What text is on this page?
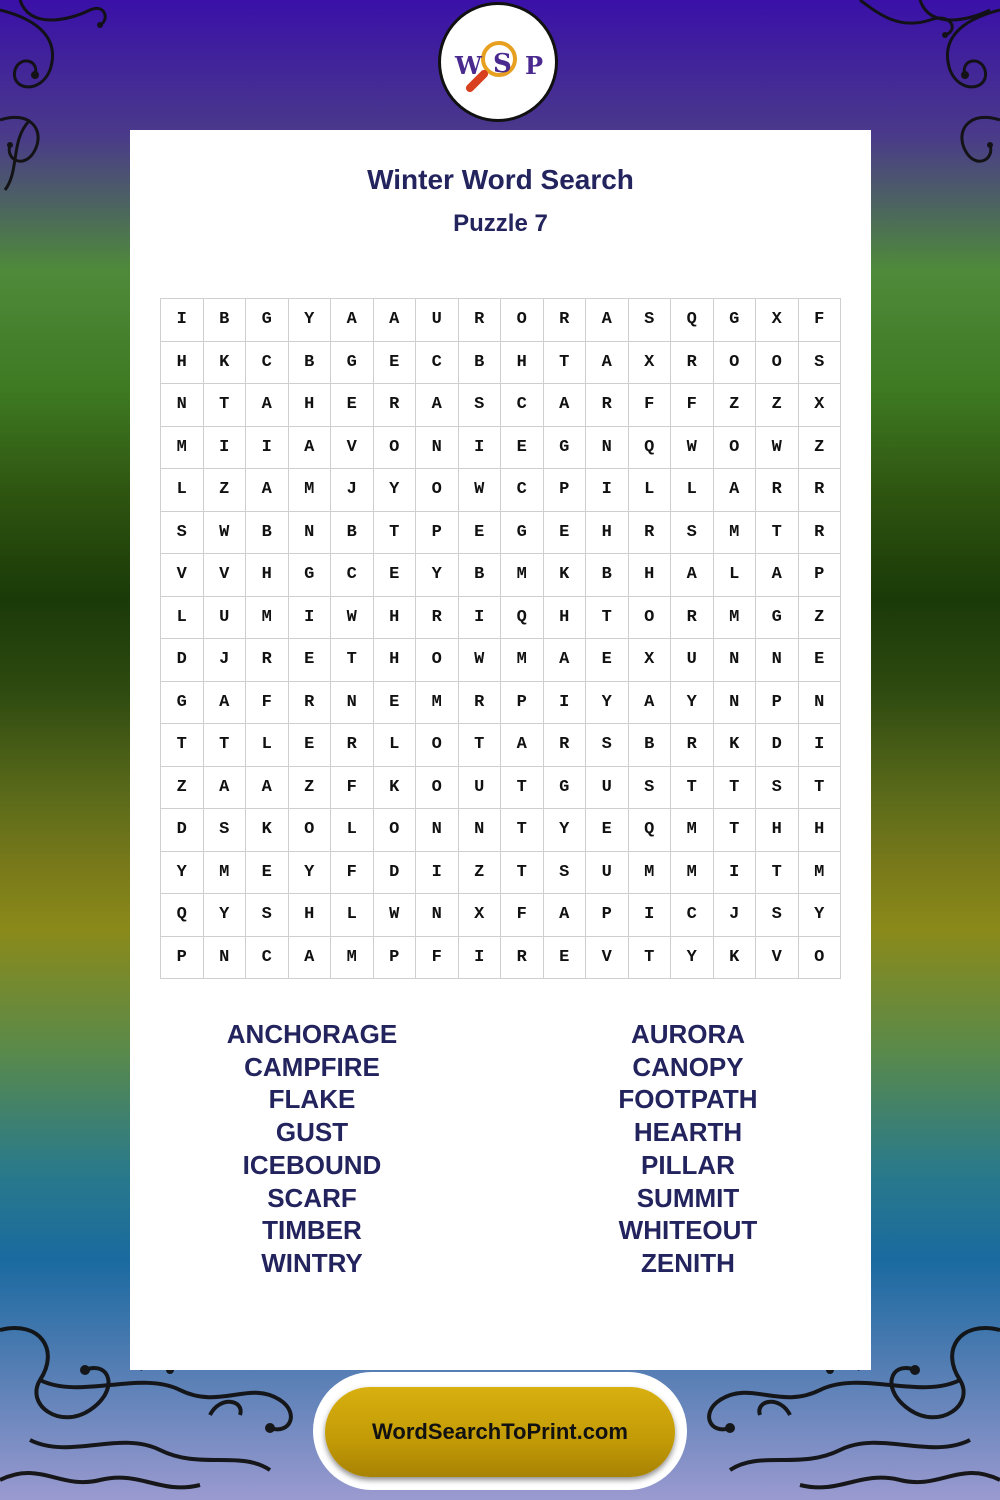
W S P
Winter Word Search
Puzzle 7
I	B	G	Y	A	A	U	R	O	R	A	S	Q	G	X	F
H	K	C	B	G	E	C	B	H	T	A	X	R	O	O	S
N	T	A	H	E	R	A	S	C	A	R	F	F	Z	Z	X
M	I	I	A	V	O	N	I	E	G	N	Q	W	O	W	Z
L	Z	A	M	J	Y	O	W	C	P	I	L	L	A	R	R
S	W	B	N	B	T	P	E	G	E	H	R	S	M	T	R
V	V	H	G	C	E	Y	B	M	K	B	H	A	L	A	P
L	U	M	I	W	H	R	I	Q	H	T	O	R	M	G	Z
D	J	R	E	T	H	O	W	M	A	E	X	U	N	N	E
G	A	F	R	N	E	M	R	P	I	Y	A	Y	N	P	N
T	T	L	E	R	L	O	T	A	R	S	B	R	K	D	I
Z	A	A	Z	F	K	O	U	T	G	U	S	T	T	S	T
D	S	K	O	L	O	N	N	T	Y	E	Q	M	T	H	H
Y	M	E	Y	F	D	I	Z	T	S	U	M	M	I	T	M
Q	Y	S	H	L	W	N	X	F	A	P	I	C	J	S	Y
P	N	C	A	M	P	F	I	R	E	V	T	Y	K	V	O
ANCHORAGE
CAMPFIRE
FLAKE
GUST
ICEBOUND
SCARF
TIMBER
WINTRY
AURORA
CANOPY
FOOTPATH
HEARTH
PILLAR
SUMMIT
WHITEOUT
ZENITH
WordSearchToPrint.com
